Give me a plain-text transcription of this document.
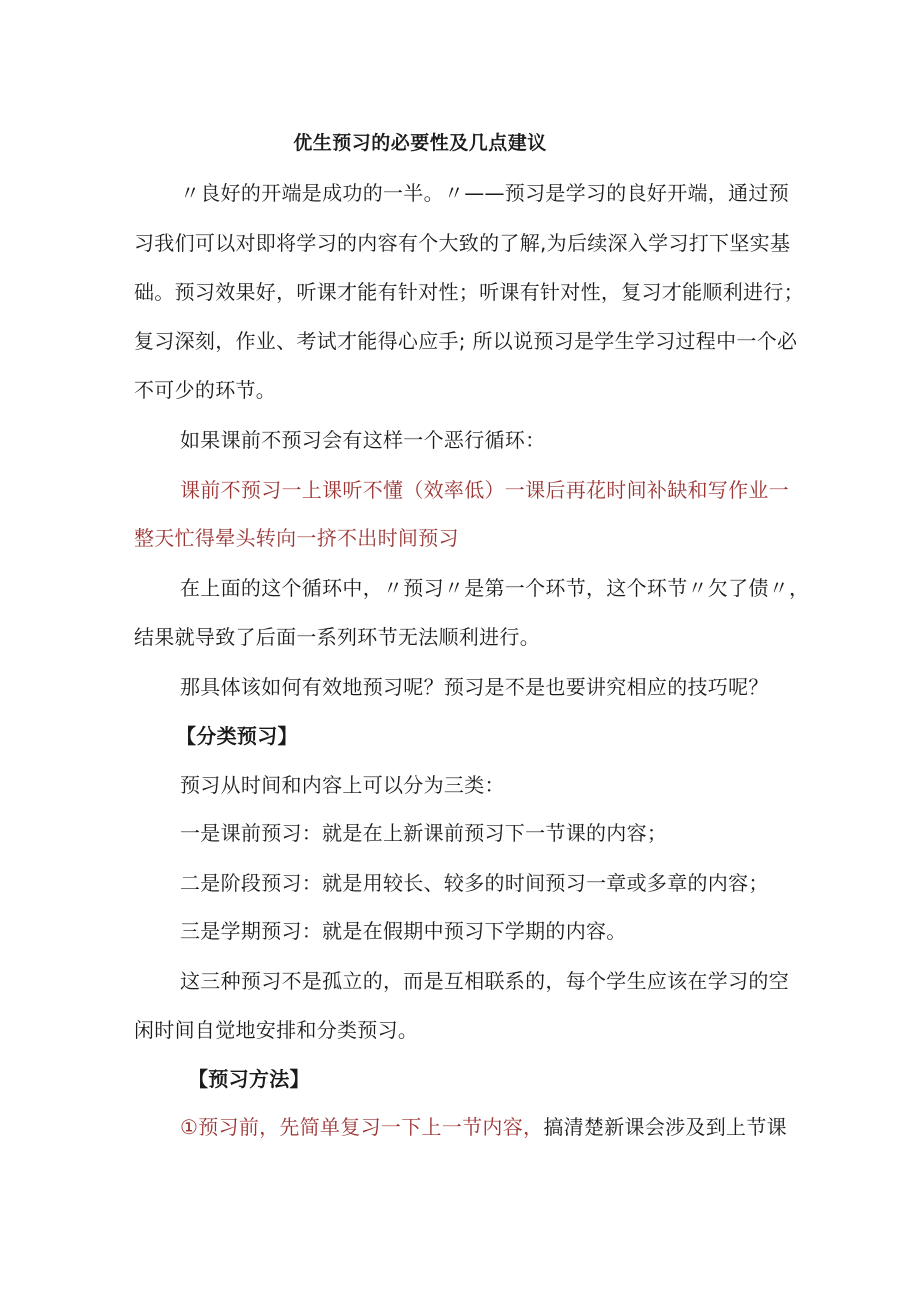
优生预习的必要性及几点建议
〃良好的开端是成功的一半。〃——预习是学习的良好开端，通过预
习我们可以对即将学习的内容有个大致的了解,为后续深入学习打下坚实基
础。预习效果好，听课才能有针对性；听课有针对性，复习才能顺利进行；
复习深刻，作业、考试才能得心应手; 所以说预习是学生学习过程中一个必
不可少的环节。
如果课前不预习会有这样一个恶行循环：
课前不预习一上课听不懂（效率低）一课后再花时间补缺和写作业一
整天忙得晕头转向一挤不出时间预习
在上面的这个循环中，〃预习〃是第一个环节，这个环节〃欠了债〃，
结果就导致了后面一系列环节无法顺利进行。
那具体该如何有效地预习呢？预习是不是也要讲究相应的技巧呢？
【分类预习】
预习从时间和内容上可以分为三类：
一是课前预习：就是在上新课前预习下一节课的内容；
二是阶段预习：就是用较长、较多的时间预习一章或多章的内容；
三是学期预习：就是在假期中预习下学期的内容。
这三种预习不是孤立的，而是互相联系的，每个学生应该在学习的空
闲时间自觉地安排和分类预习。
【预习方法】
①预习前，先简单复习一下上一节内容，搞清楚新课会涉及到上节课
